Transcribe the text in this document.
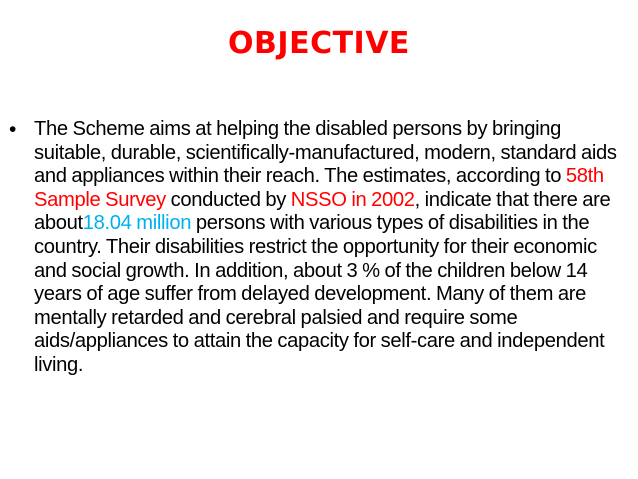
OBJECTIVE
• The Scheme aims at helping the disabled persons by bringing suitable, durable, scientifically-manufactured, modern, standard aids and appliances within their reach. The estimates, according to 58th Sample Survey conducted by NSSO in 2002, indicate that there are about18.04 million persons with various types of disabilities in the country. Their disabilities restrict the opportunity for their economic and social growth. In addition, about 3 % of the children below 14 years of age suffer from delayed development. Many of them are mentally retarded and cerebral palsied and require some aids/appliances to attain the capacity for self-care and independent living.
